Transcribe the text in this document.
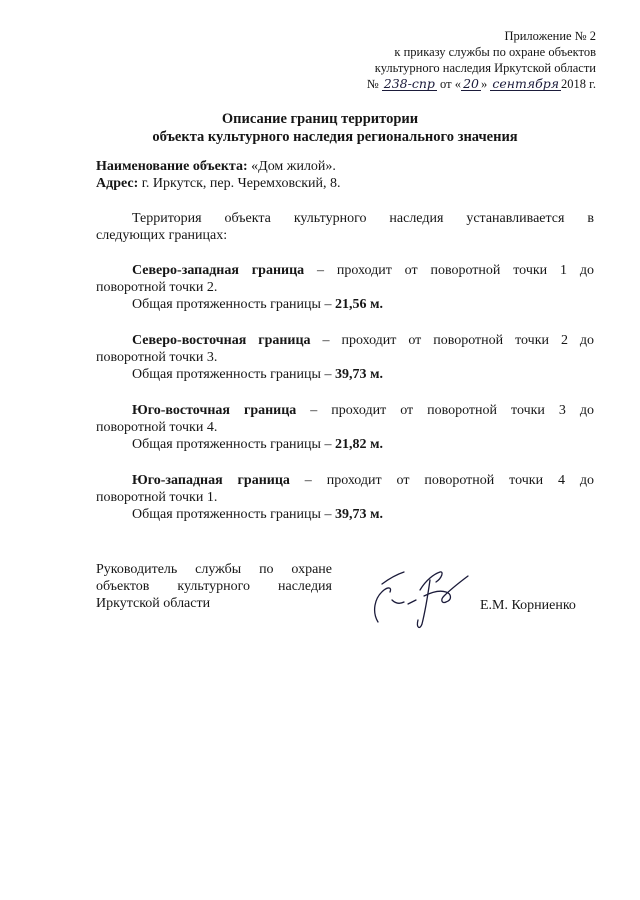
Приложение № 2
к приказу службы по охране объектов
культурного наследия Иркутской области
№ 238-спр от « 20 » сентября 2018 г.
Описание границ территории
объекта культурного наследия регионального значения
Наименование объекта: «Дом жилой».
Адрес: г. Иркутск, пер. Черемховский, 8.
Территория объекта культурного наследия устанавливается в
следующих границах:
Северо-западная граница – проходит от поворотной точки 1 до
поворотной точки 2.
Общая протяженность границы – 21,56 м.
Северо-восточная граница – проходит от поворотной точки 2 до
поворотной точки 3.
Общая протяженность границы – 39,73 м.
Юго-восточная граница – проходит от поворотной точки 3 до
поворотной точки 4.
Общая протяженность границы – 21,82 м.
Юго-западная граница – проходит от поворотной точки 4 до
поворотной точки 1.
Общая протяженность границы – 39,73 м.
Руководитель службы по охране
объектов культурного наследия
Иркутской области	Е.М. Корниенко
